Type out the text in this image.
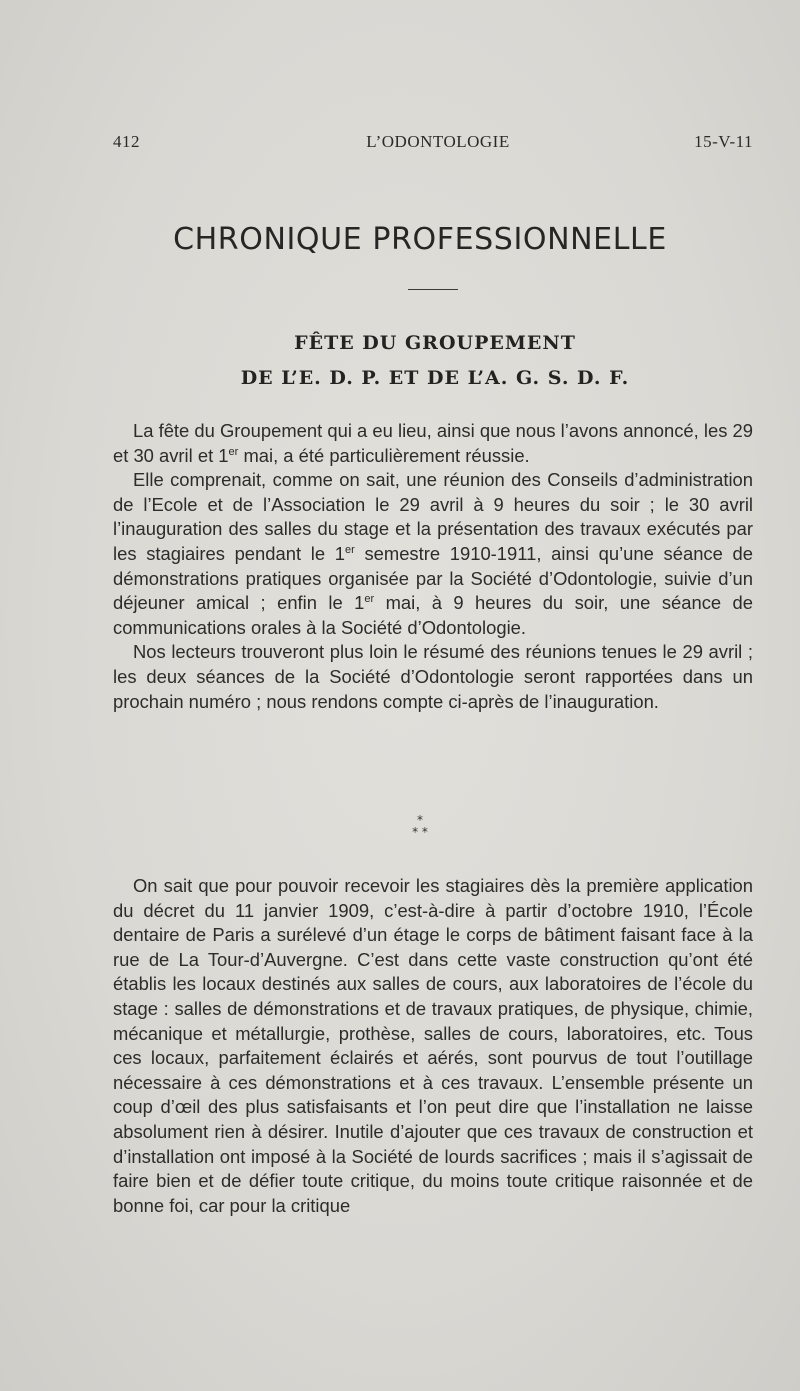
412	L’ODONTOLOGIE	15-V-11
CHRONIQUE PROFESSIONNELLE
FÊTE DU GROUPEMENT
DE L’E. D. P. ET DE L’A. G. S. D. F.

La fête du Groupement qui a eu lieu, ainsi que nous l’avons annoncé, les 29 et 30 avril et 1er mai, a été particulièrement réussie.

Elle comprenait, comme on sait, une réunion des Conseils d’administration de l’Ecole et de l’Association le 29 avril à 9 heures du soir ; le 30 avril l’inauguration des salles du stage et la présentation des travaux exécutés par les stagiaires pendant le 1er semestre 1910-1911, ainsi qu’une séance de démonstrations pratiques organisée par la Société d’Odontologie, suivie d’un déjeuner amical ; enfin le 1er mai, à 9 heures du soir, une séance de communications orales à la Société d’Odontologie.

Nos lecteurs trouveront plus loin le résumé des réunions tenues le 29 avril ; les deux séances de la Société d’Odontologie seront rapportées dans un prochain numéro ; nous rendons compte ci-après de l’inauguration.

*
* *

On sait que pour pouvoir recevoir les stagiaires dès la première application du décret du 11 janvier 1909, c’est-à-dire à partir d’octobre 1910, l’École dentaire de Paris a surélevé d’un étage le corps de bâtiment faisant face à la rue de La Tour-d’Auvergne. C’est dans cette vaste construction qu’ont été établis les locaux destinés aux salles de cours, aux laboratoires de l’école du stage : salles de démonstrations et de travaux pratiques, de physique, chimie, mécanique et métallurgie, prothèse, salles de cours, laboratoires, etc. Tous ces locaux, parfaitement éclairés et aérés, sont pourvus de tout l’outillage nécessaire à ces démonstrations et à ces travaux. L’ensemble présente un coup d’œil des plus satisfaisants et l’on peut dire que l’installation ne laisse absolument rien à désirer. Inutile d’ajouter que ces travaux de construction et d’installation ont imposé à la Société de lourds sacrifices ; mais il s’agissait de faire bien et de défier toute critique, du moins toute critique raisonnée et de bonne foi, car pour la critique
